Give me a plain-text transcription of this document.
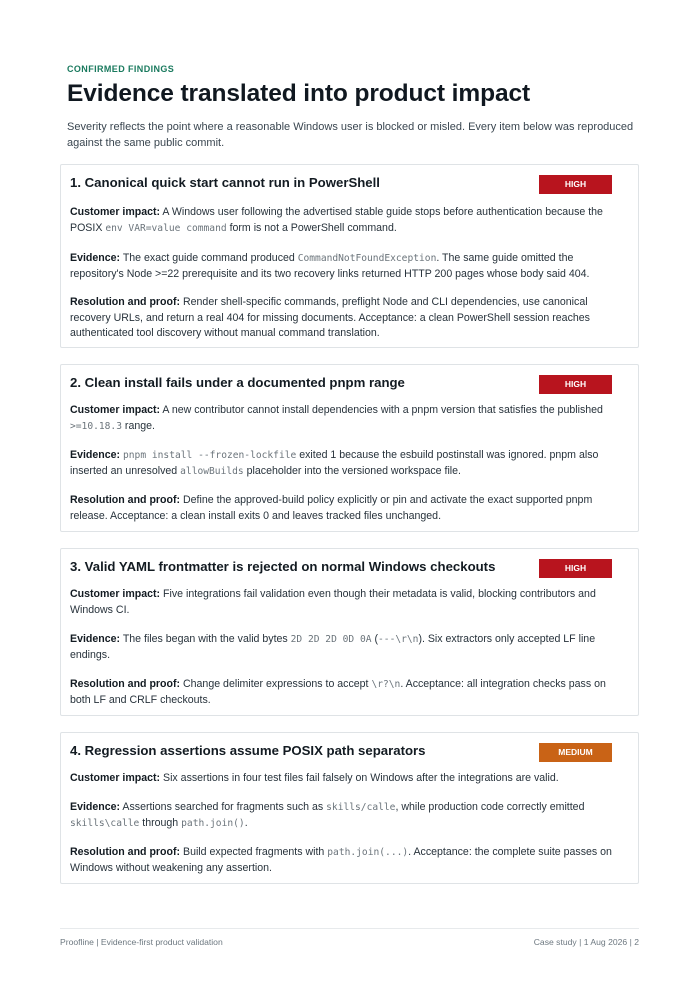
CONFIRMED FINDINGS
Evidence translated into product impact

Severity reflects the point where a reasonable Windows user is blocked or misled. Every item below was reproduced against the same public commit.

1. Canonical quick start cannot run in PowerShell	HIGH

Customer impact: A Windows user following the advertised stable guide stops before authentication because the POSIX env VAR=value command form is not a PowerShell command.

Evidence: The exact guide command produced CommandNotFoundException. The same guide omitted the repository's Node >=22 prerequisite and its two recovery links returned HTTP 200 pages whose body said 404.

Resolution and proof: Render shell-specific commands, preflight Node and CLI dependencies, use canonical recovery URLs, and return a real 404 for missing documents. Acceptance: a clean PowerShell session reaches authenticated tool discovery without manual command translation.

2. Clean install fails under a documented pnpm range	HIGH

Customer impact: A new contributor cannot install dependencies with a pnpm version that satisfies the published >=10.18.3 range.

Evidence: pnpm install --frozen-lockfile exited 1 because the esbuild postinstall was ignored. pnpm also inserted an unresolved allowBuilds placeholder into the versioned workspace file.

Resolution and proof: Define the approved-build policy explicitly or pin and activate the exact supported pnpm release. Acceptance: a clean install exits 0 and leaves tracked files unchanged.

3. Valid YAML frontmatter is rejected on normal Windows checkouts	HIGH

Customer impact: Five integrations fail validation even though their metadata is valid, blocking contributors and Windows CI.

Evidence: The files began with the valid bytes 2D 2D 2D 0D 0A (---\r\n). Six extractors only accepted LF line endings.

Resolution and proof: Change delimiter expressions to accept \r?\n. Acceptance: all integration checks pass on both LF and CRLF checkouts.

4. Regression assertions assume POSIX path separators	MEDIUM

Customer impact: Six assertions in four test files fail falsely on Windows after the integrations are valid.

Evidence: Assertions searched for fragments such as skills/calle, while production code correctly emitted skills\calle through path.join().

Resolution and proof: Build expected fragments with path.join(...). Acceptance: the complete suite passes on Windows without weakening any assertion.

Proofline | Evidence-first product validation	Case study | 1 Aug 2026 | 2
